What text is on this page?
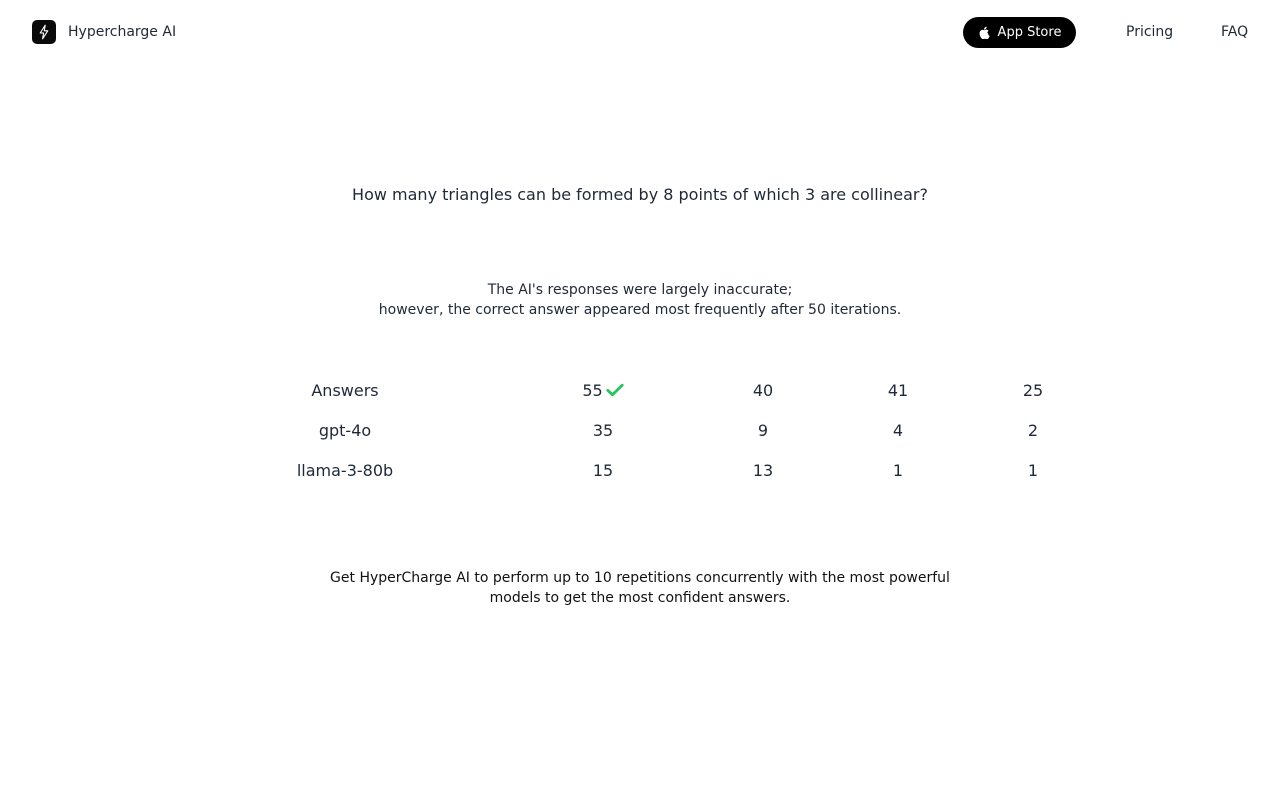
Hypercharge AI	App Store	Pricing	FAQ
How many triangles can be formed by 8 points of which 3 are collinear?
The AI's responses were largely inaccurate;
however, the correct answer appeared most frequently after 50 iterations.
Answers	55	40	41	25
gpt-4o	35	9	4	2
llama-3-80b	15	13	1	1
Get HyperCharge AI to perform up to 10 repetitions concurrently with the most powerful models to get the most confident answers.
